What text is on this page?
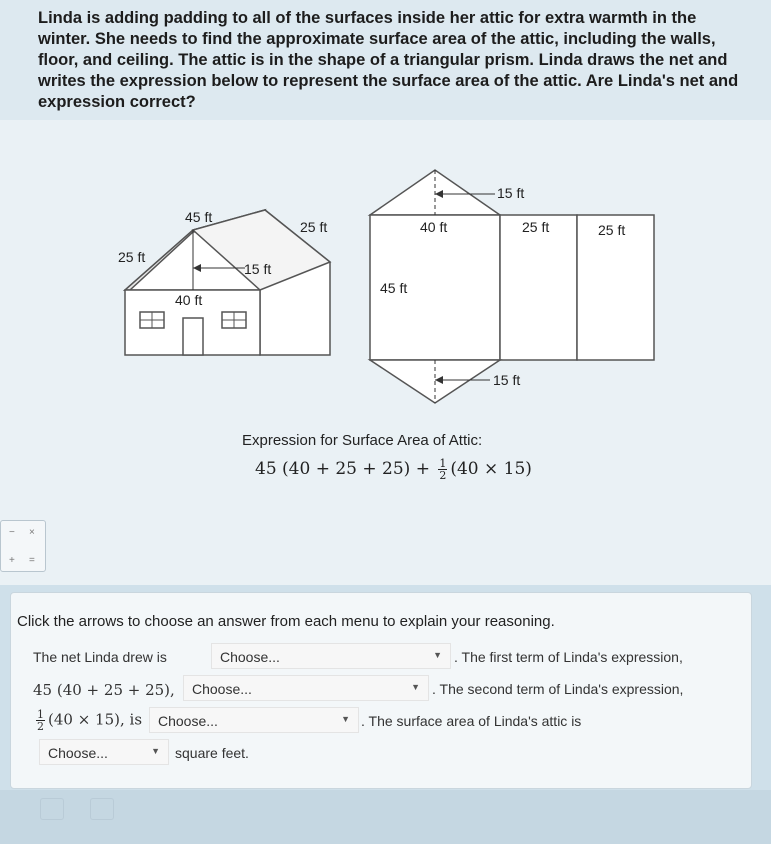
Linda is adding padding to all of the surfaces inside her attic for extra warmth in the winter. She needs to find the approximate surface area of the attic, including the walls, floor, and ceiling. The attic is in the shape of a triangular prism. Linda draws the net and writes the expression below to represent the surface area of the attic. Are Linda's net and expression correct?
45 ft
25 ft
25 ft
15 ft
40 ft
15 ft
40 ft	25 ft	25 ft
45 ft
15 ft
Expression for Surface Area of Attic:
45 $(40 + 25 + 25) + \frac{1}{2} (40 \times 15)$
− ×
+ =
Click the arrows to choose an answer from each menu to explain your reasoning.
The net Linda drew is	Choose...	▼ . The first term of Linda's expression,
45 (40 + 25 + 25),	Choose...	▼ . The second term of Linda's expression,
$\frac{1}{2} (40 \times 15)$, is	Choose...	▼ . The surface area of Linda's attic is
Choose...	▼ square feet.
